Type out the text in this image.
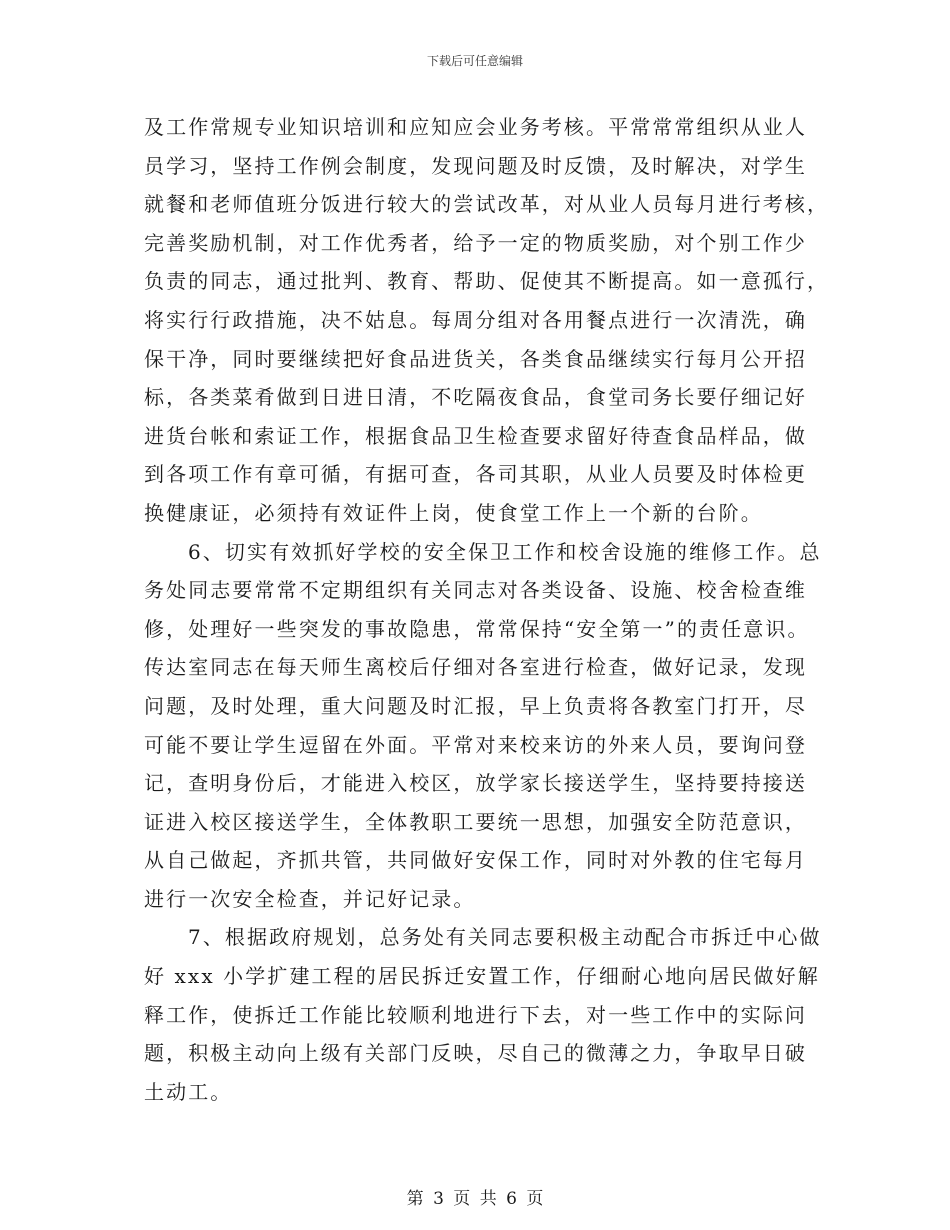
下载后可任意编辑
及工作常规专业知识培训和应知应会业务考核。平常常常组织从业人
员学习，坚持工作例会制度，发现问题及时反馈，及时解决，对学生
就餐和老师值班分饭进行较大的尝试改革，对从业人员每月进行考核，
完善奖励机制，对工作优秀者，给予一定的物质奖励，对个别工作少
负责的同志，通过批判、教育、帮助、促使其不断提高。如一意孤行，
将实行行政措施，决不姑息。每周分组对各用餐点进行一次清洗，确
保干净，同时要继续把好食品进货关，各类食品继续实行每月公开招
标，各类菜肴做到日进日清，不吃隔夜食品，食堂司务长要仔细记好
进货台帐和索证工作，根据食品卫生检查要求留好待查食品样品，做
到各项工作有章可循，有据可查，各司其职，从业人员要及时体检更
换健康证，必须持有效证件上岗，使食堂工作上一个新的台阶。
6、切实有效抓好学校的安全保卫工作和校舍设施的维修工作。总
务处同志要常常不定期组织有关同志对各类设备、设施、校舍检查维
修，处理好一些突发的事故隐患，常常保持“安全第一”的责任意识。
传达室同志在每天师生离校后仔细对各室进行检查，做好记录，发现
问题，及时处理，重大问题及时汇报，早上负责将各教室门打开，尽
可能不要让学生逗留在外面。平常对来校来访的外来人员，要询问登
记，查明身份后，才能进入校区，放学家长接送学生，坚持要持接送
证进入校区接送学生，全体教职工要统一思想，加强安全防范意识，
从自己做起，齐抓共管，共同做好安保工作，同时对外教的住宅每月
进行一次安全检查，并记好记录。
7、根据政府规划，总务处有关同志要积极主动配合市拆迁中心做
好 xxx 小学扩建工程的居民拆迁安置工作，仔细耐心地向居民做好解
释工作，使拆迁工作能比较顺利地进行下去，对一些工作中的实际问
题，积极主动向上级有关部门反映，尽自己的微薄之力，争取早日破
土动工。
第 3 页 共 6 页
